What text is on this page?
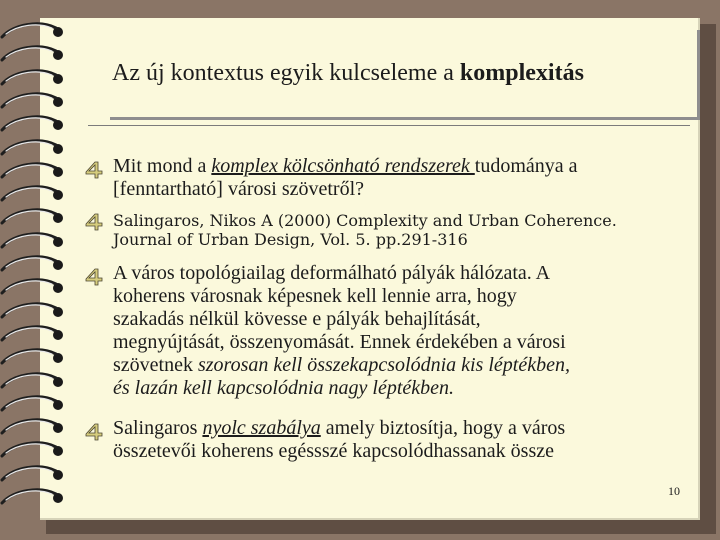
Az új kontextus egyik kulcseleme a komplexitás
Mit mond a komplex kölcsönható rendszerek tudománya a
[fenntartható] városi szövetről?
Salingaros, Nikos A (2000) Complexity and Urban Coherence.
Journal of Urban Design, Vol. 5. pp.291-316
A város topológiailag deformálható pályák hálózata. A
koherens városnak képesnek kell lennie arra, hogy
szakadás nélkül kövesse e pályák behajlítását,
megnyújtását, összenyomását. Ennek érdekében a városi
szövetnek szorosan kell összekapcsolódnia kis léptékben,
és lazán kell kapcsolódnia nagy léptékben.
Salingaros nyolc szabálya amely biztosítja, hogy a város
összetevői koherens egéssszé kapcsolódhassanak össze
10
